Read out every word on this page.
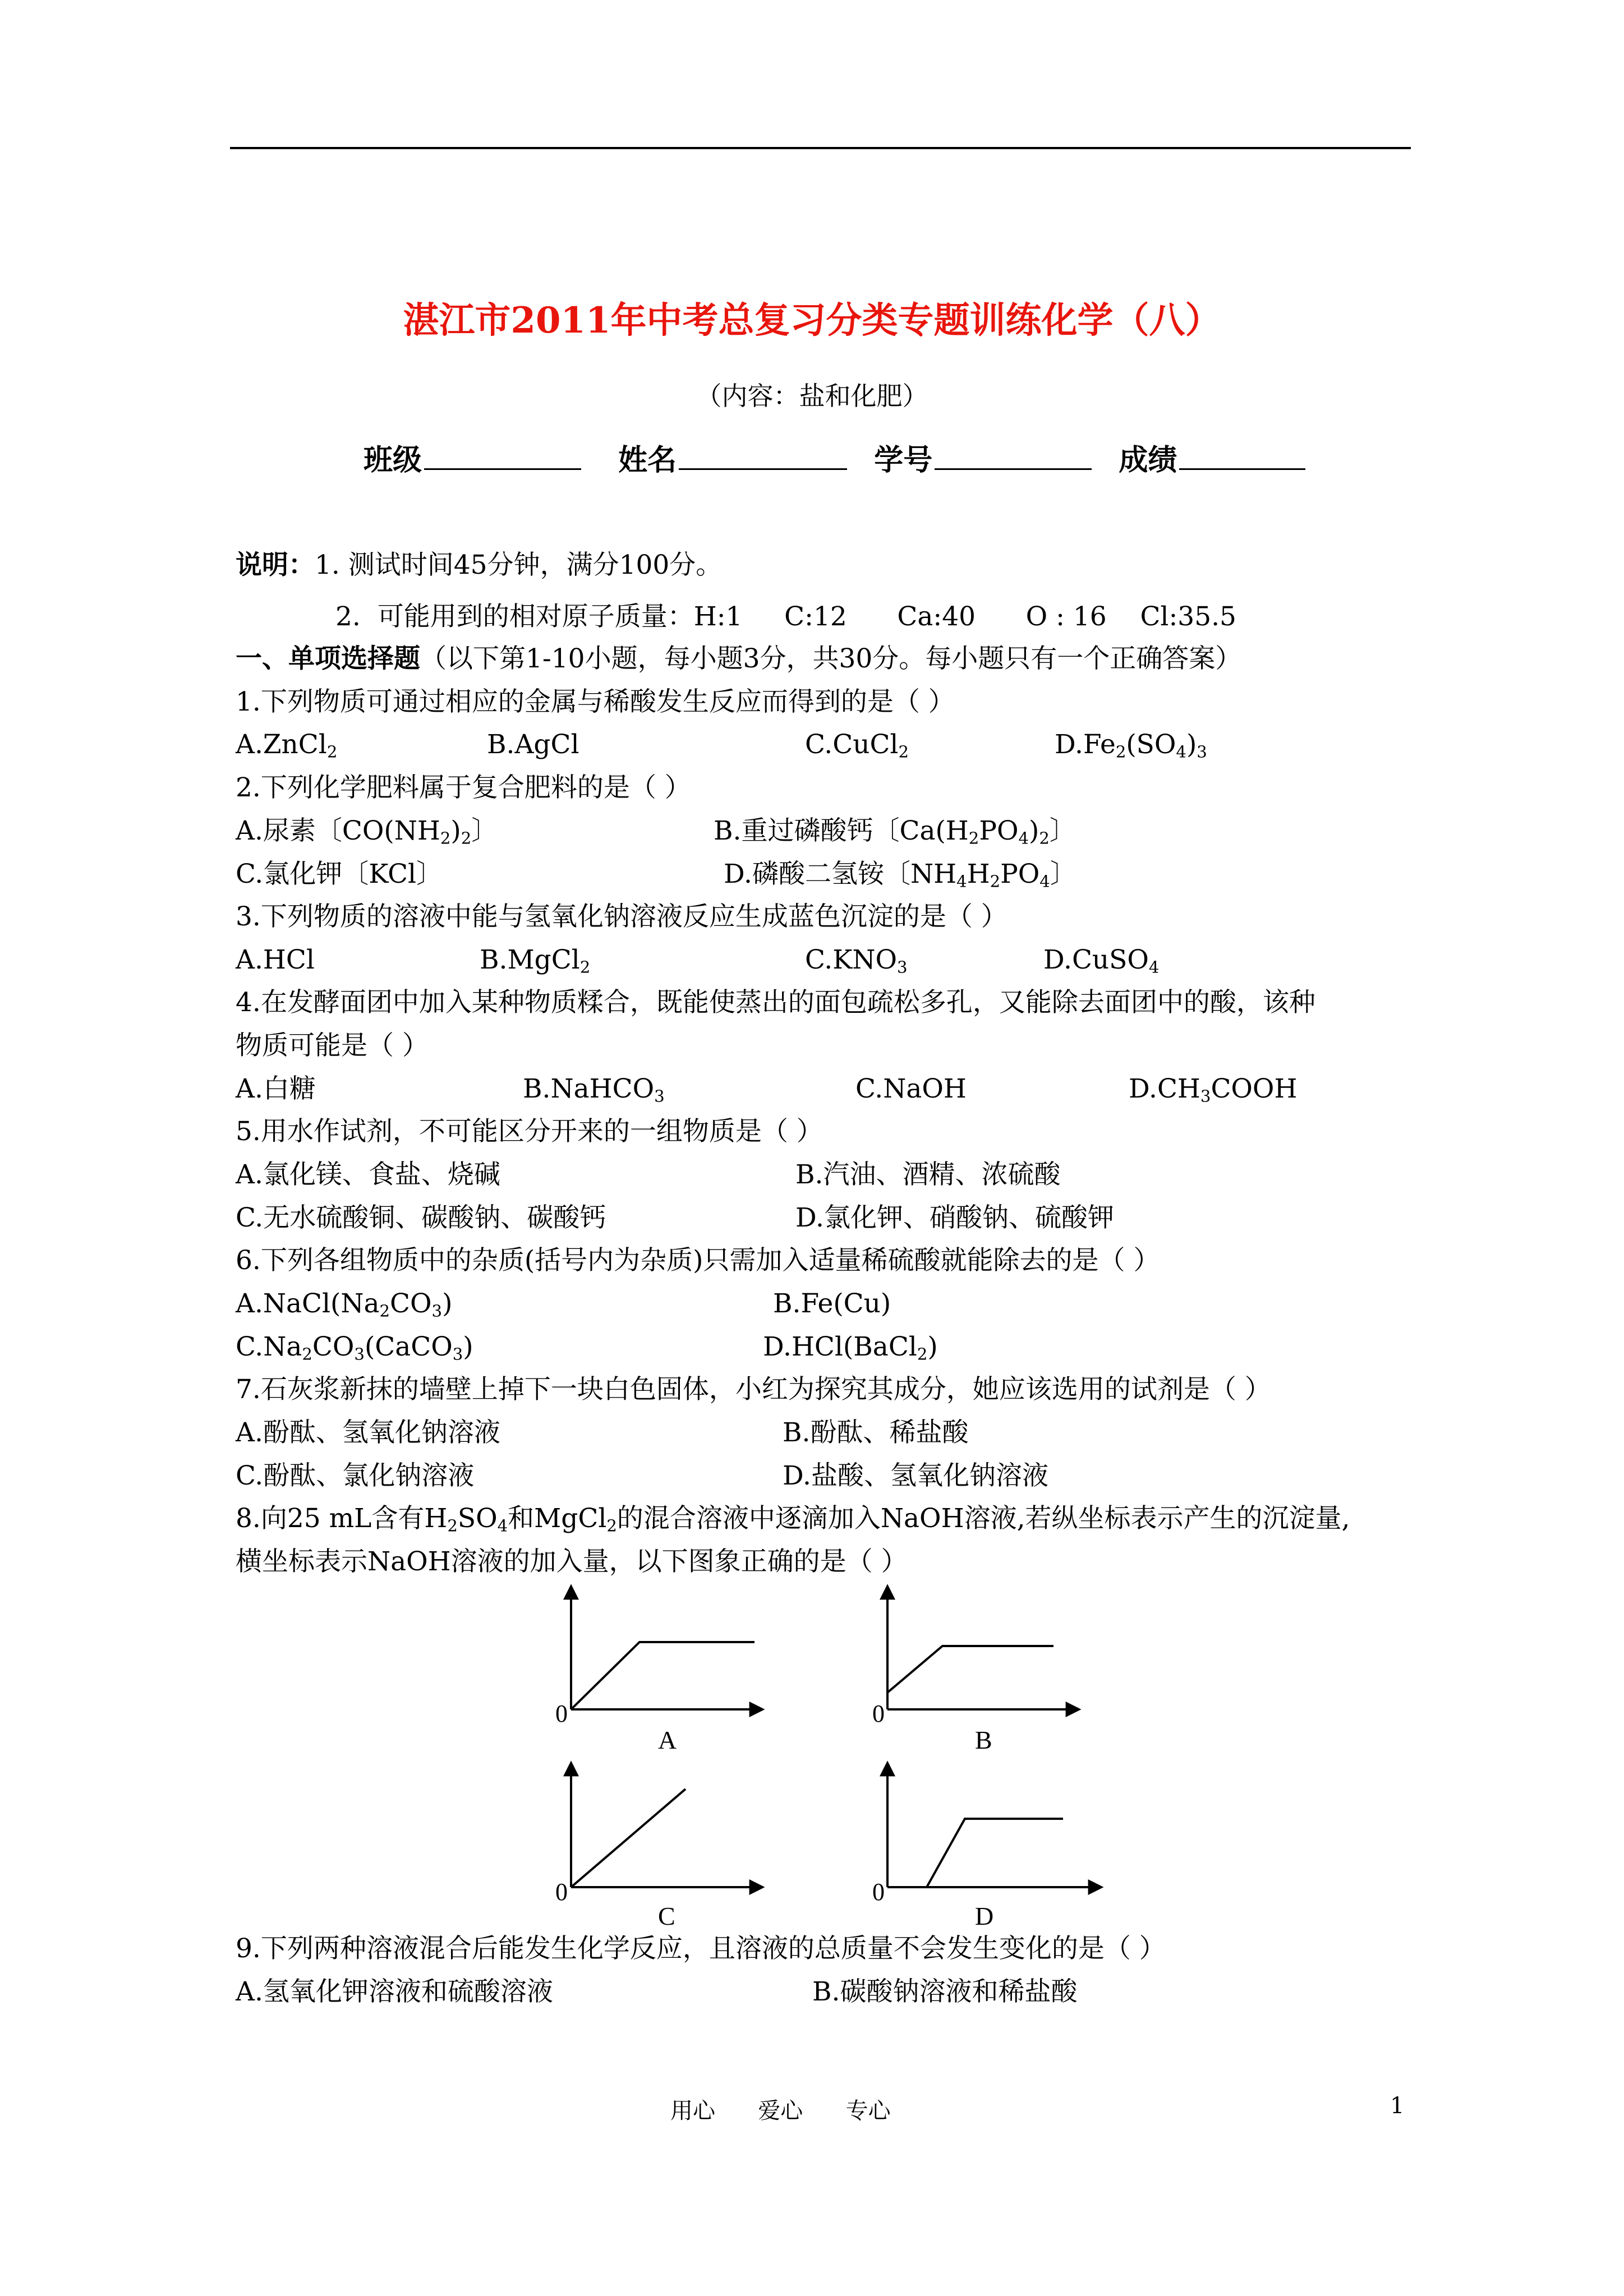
湛江市2011年中考总复习分类专题训练化学（八）
（内容：盐和化肥）
班级	姓名	学号	成绩
说明：1. 测试时间45分钟，满分100分。
2.  可能用到的相对原子质量：H:1     C:12      Ca:40      O : 16    Cl:35.5
一、单项选择题（以下第1-10小题，每小题3分，共30分。每小题只有一个正确答案）
1.下列物质可通过相应的金属与稀酸发生反应而得到的是（ ）
A.ZnCl$_2$	B.AgCl	C.CuCl$_2$	$D.Fe_2(SO_4)_3$
2.下列化学肥料属于复合肥料的是（ ）
A.尿素〔$CO(NH_2)_2$〕	B.重过磷酸钙〔$Ca(H_2PO_4)_2$〕
C.氯化钾〔KCl〕	D.磷酸二氢铵〔$NH_4H_2PO_4$〕
3.下列物质的溶液中能与氢氧化钠溶液反应生成蓝色沉淀的是（ ）
A.HCl	B.MgCl$_2$	$C.KNO_3$	D.CuSO$_4$
4.在发酵面团中加入某种物质糅合，既能使蒸出的面包疏松多孔，又能除去面团中的酸，该种
物质可能是（ ）
A.白糖	B.NaHCO$_3$	C.NaOH	$D.CH_3COOH$
5.用水作试剂，不可能区分开来的一组物质是（ ）
A.氯化镁、食盐、烧碱	B.汽油、酒精、浓硫酸
C.无水硫酸铜、碳酸钠、碳酸钙	D.氯化钾、硝酸钠、硫酸钾
6.下列各组物质中的杂质(括号内为杂质)只需加入适量稀硫酸就能除去的是（ ）
$A.NaCl(Na_2CO_3)$	B.Fe(Cu)
$C.Na_2CO_3(CaCO_3)$	D.HCl(BaCl$_2$)
7.石灰浆新抹的墙壁上掉下一块白色固体，小红为探究其成分，她应该选用的试剂是（ ）
A.酚酞、氢氧化钠溶液	B.酚酞、稀盐酸
C.酚酞、氯化钠溶液	D.盐酸、氢氧化钠溶液
8.向25 mL含有$H_2SO_4$和MgCl$_2$的混合溶液中逐滴加入NaOH溶液,若纵坐标表示产生的沉淀量,
横坐标表示NaOH溶液的加入量，以下图象正确的是（ ）
0
A
0
B
0
C
0
D
9.下列两种溶液混合后能发生化学反应，且溶液的总质量不会发生变化的是（ ）
A.氢氧化钾溶液和硫酸溶液	B.碳酸钠溶液和稀盐酸
用心      爱心      专心	1
